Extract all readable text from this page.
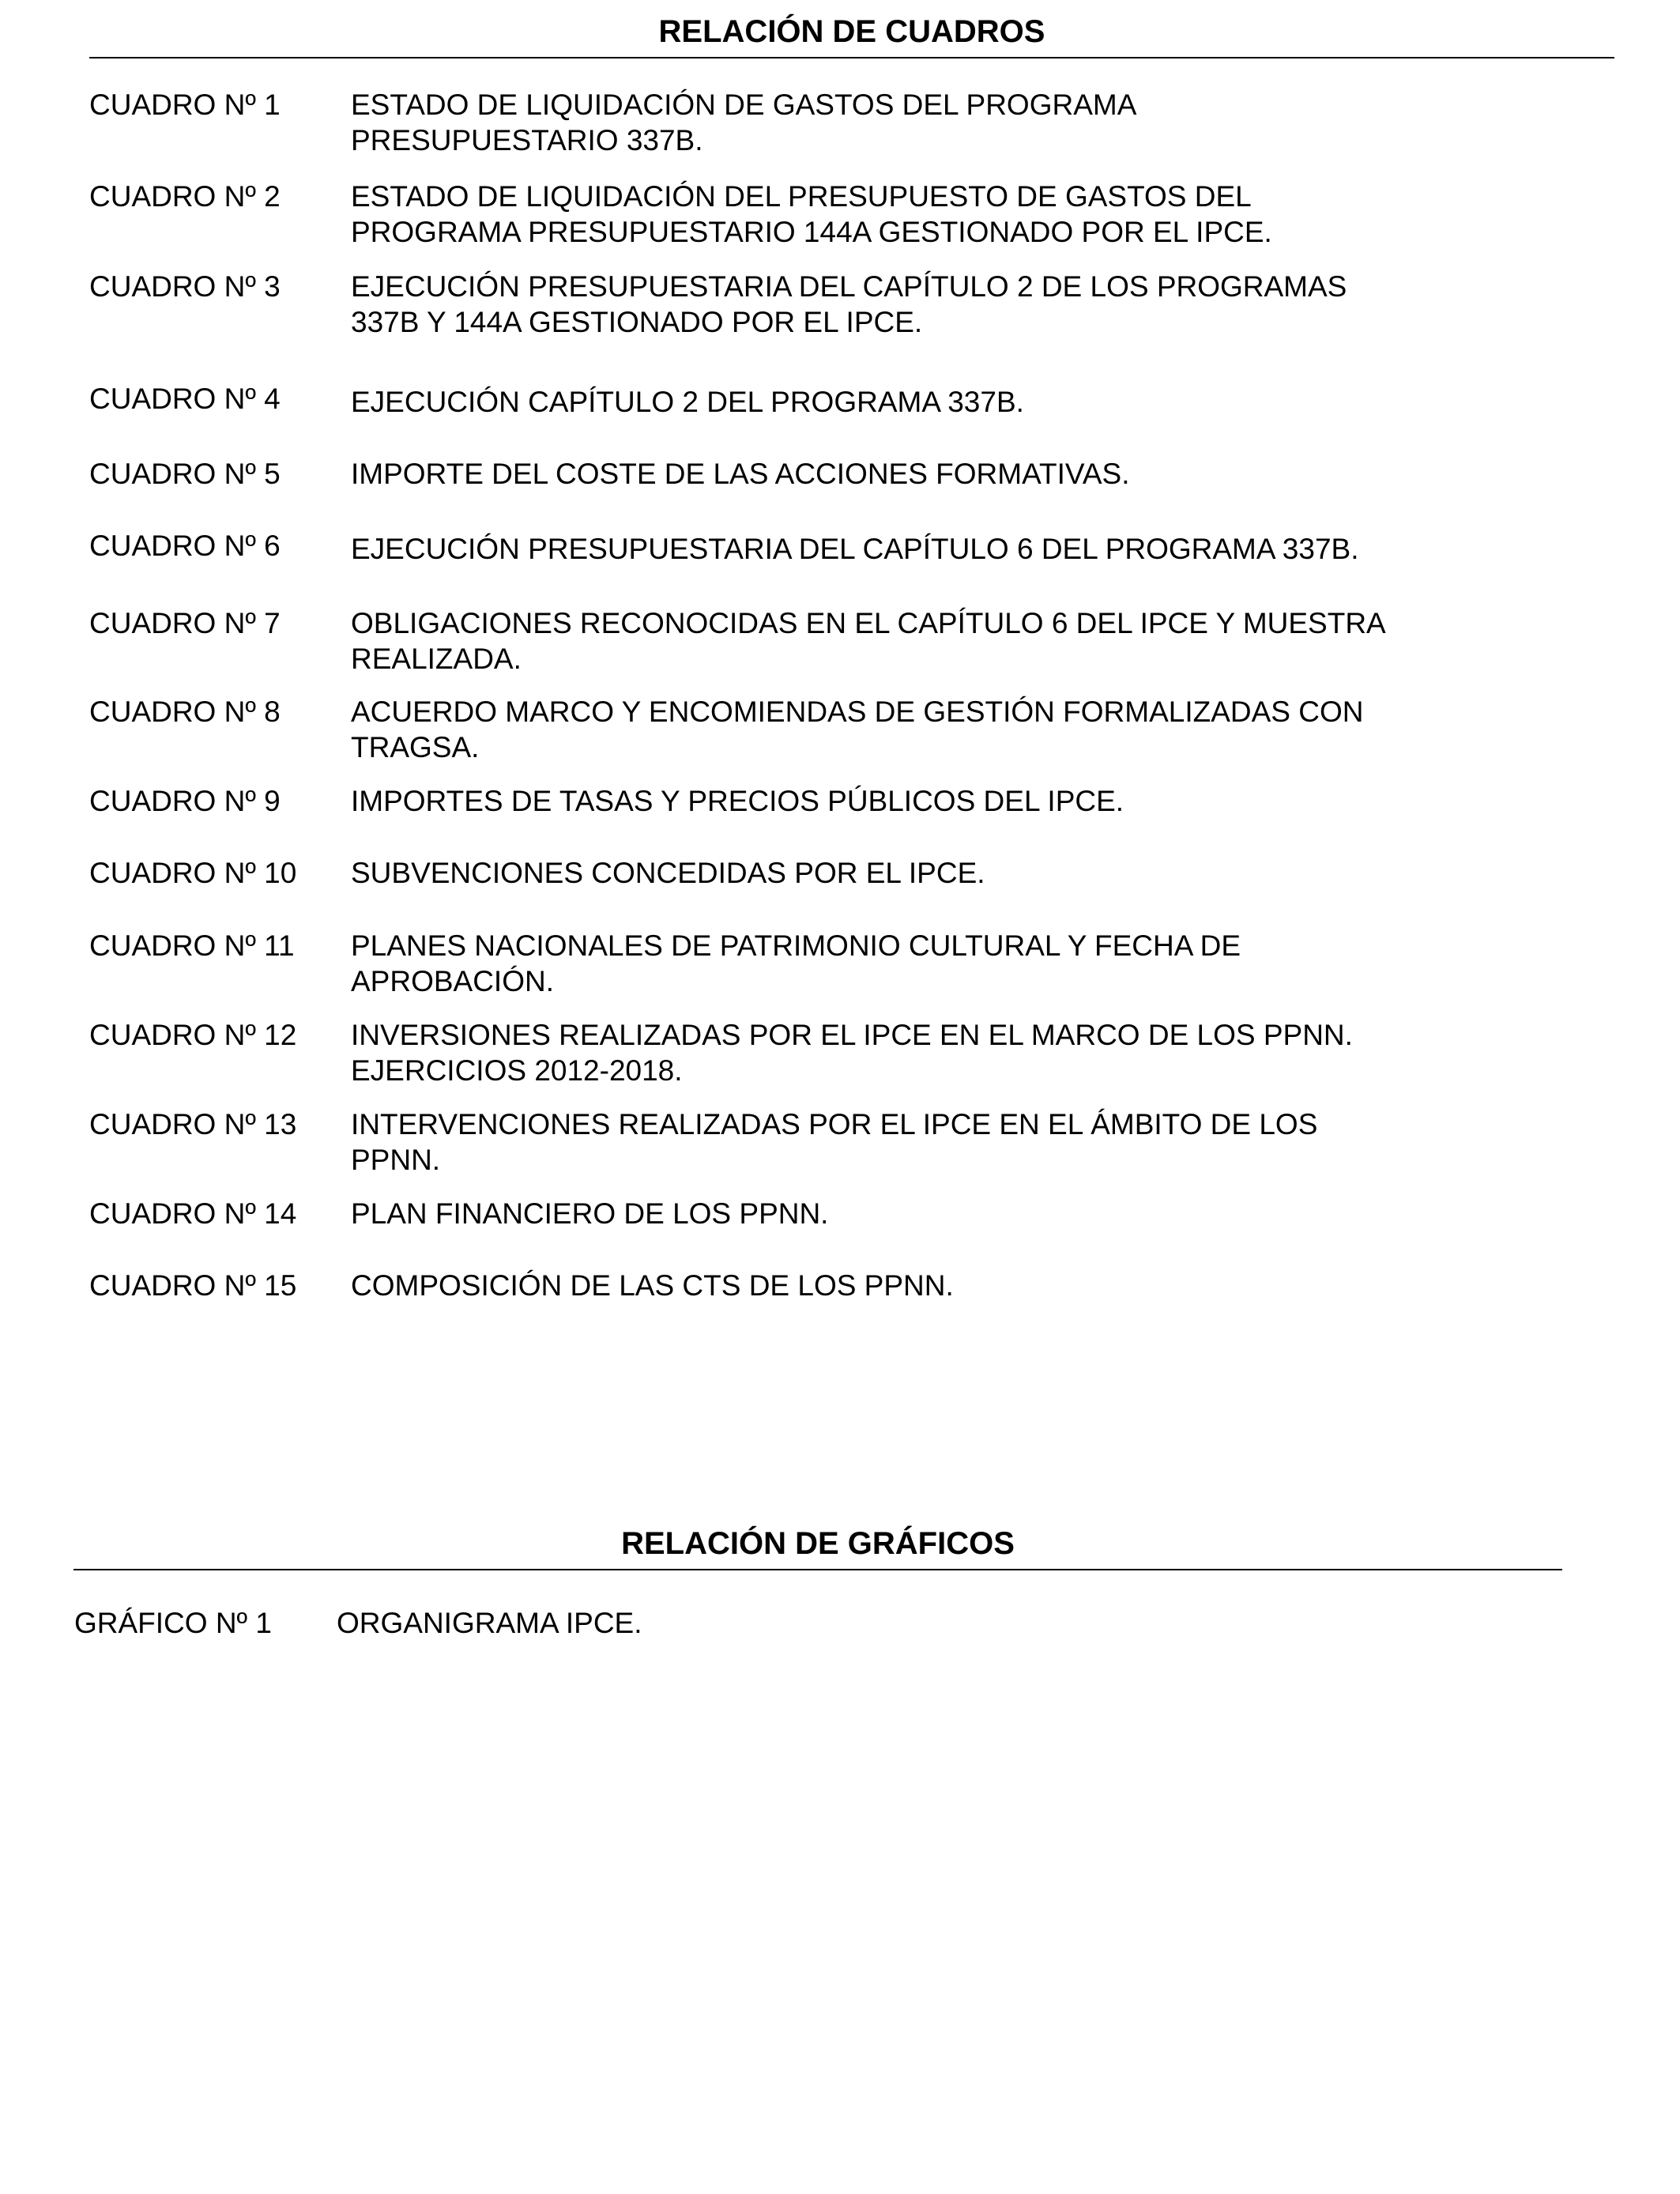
RELACIÓN DE CUADROS
CUADRO Nº 1 ESTADO DE LIQUIDACIÓN DE GASTOS DEL PROGRAMA
PRESUPUESTARIO 337B.
CUADRO Nº 2 ESTADO DE LIQUIDACIÓN DEL PRESUPUESTO DE GASTOS DEL
PROGRAMA PRESUPUESTARIO 144A GESTIONADO POR EL IPCE.
CUADRO Nº 3 EJECUCIÓN PRESUPUESTARIA DEL CAPÍTULO 2 DE LOS PROGRAMAS
337B Y 144A GESTIONADO POR EL IPCE.
CUADRO Nº 4 EJECUCIÓN CAPÍTULO 2 DEL PROGRAMA 337B.
CUADRO Nº 5 IMPORTE DEL COSTE DE LAS ACCIONES FORMATIVAS.
CUADRO Nº 6 EJECUCIÓN PRESUPUESTARIA DEL CAPÍTULO 6 DEL PROGRAMA 337B.
CUADRO Nº 7 OBLIGACIONES RECONOCIDAS EN EL CAPÍTULO 6 DEL IPCE Y MUESTRA
REALIZADA.
CUADRO Nº 8 ACUERDO MARCO Y ENCOMIENDAS DE GESTIÓN FORMALIZADAS CON
TRAGSA.
CUADRO Nº 9 IMPORTES DE TASAS Y PRECIOS PÚBLICOS DEL IPCE.
CUADRO Nº 10 SUBVENCIONES CONCEDIDAS POR EL IPCE.
CUADRO Nº 11 PLANES NACIONALES DE PATRIMONIO CULTURAL Y FECHA DE
APROBACIÓN.
CUADRO Nº 12 INVERSIONES REALIZADAS POR EL IPCE EN EL MARCO DE LOS PPNN.
EJERCICIOS 2012-2018.
CUADRO Nº 13 INTERVENCIONES REALIZADAS POR EL IPCE EN EL ÁMBITO DE LOS
PPNN.
CUADRO Nº 14 PLAN FINANCIERO DE LOS PPNN.
CUADRO Nº 15 COMPOSICIÓN DE LAS CTS DE LOS PPNN.
RELACIÓN DE GRÁFICOS
GRÁFICO Nº 1 ORGANIGRAMA IPCE.
